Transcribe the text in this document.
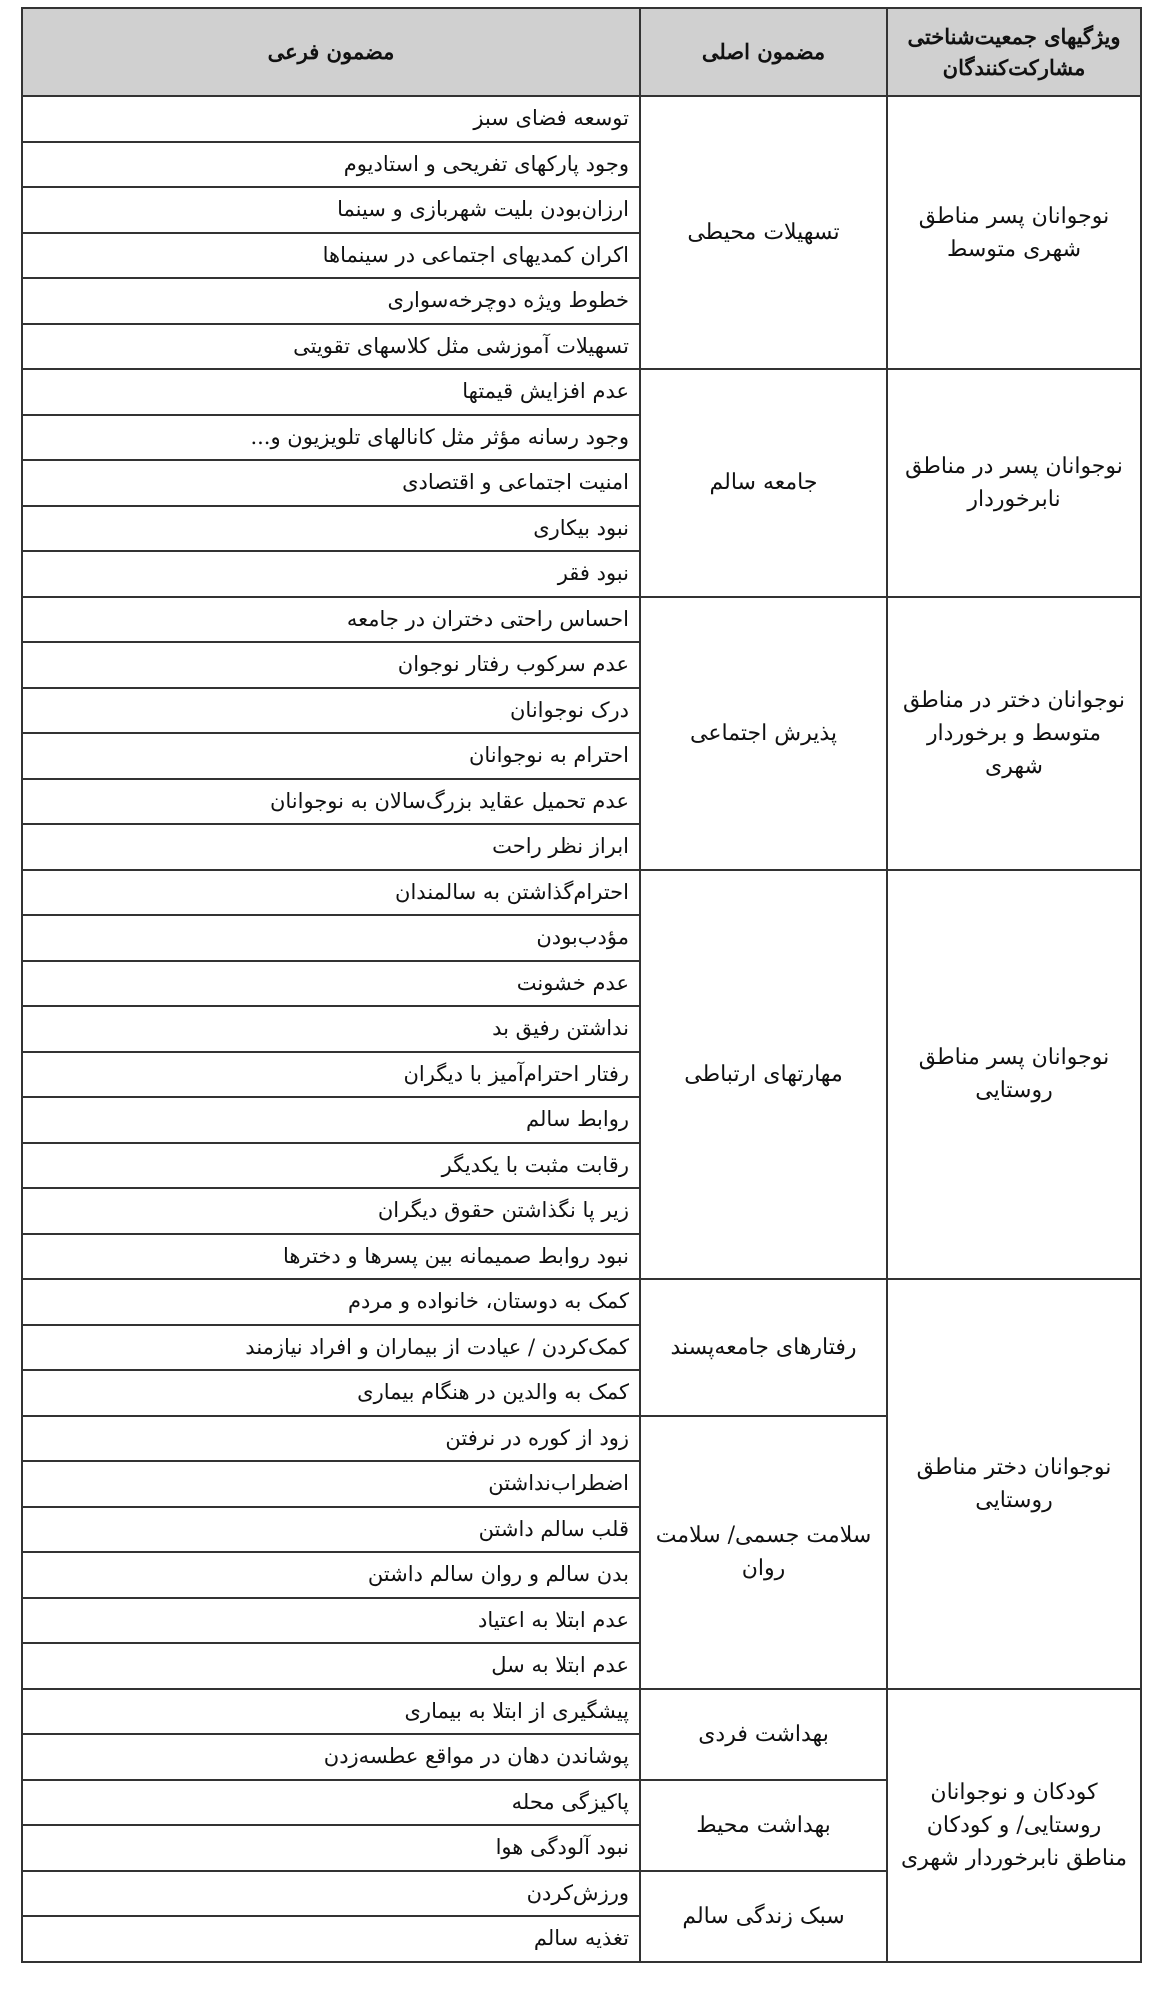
ویژگیهای جمعیت‌شناختی مشارکت‌کنندگان	مضمون اصلی	مضمون فرعی
نوجوانان پسر مناطق شهری متوسط	تسهیلات محیطی	توسعه فضای سبز
		وجود پارکهای تفریحی و استادیوم
		ارزان‌بودن بلیت شهربازی و سینما
		اکران کمدیهای اجتماعی در سینماها
		خطوط ویژه دوچرخه‌سواری
		تسهیلات آموزشی مثل کلاسهای تقویتی
نوجوانان پسر در مناطق نابرخوردار	جامعه سالم	عدم افزایش قیمتها
		وجود رسانه مؤثر مثل کانالهای تلویزیون و...
		امنیت اجتماعی و اقتصادی
		نبود بیکاری
		نبود فقر
نوجوانان دختر در مناطق متوسط و برخوردار شهری	پذیرش اجتماعی	احساس راحتی دختران در جامعه
		عدم سرکوب رفتار نوجوان
		درک نوجوانان
		احترام به نوجوانان
		عدم تحمیل عقاید بزرگ‌سالان به نوجوانان
		ابراز نظر راحت
نوجوانان پسر مناطق روستایی	مهارتهای ارتباطی	احترام‌گذاشتن به سالمندان
		مؤدب‌بودن
		عدم خشونت
		نداشتن رفیق بد
		رفتار احترام‌آمیز با دیگران
		روابط سالم
		رقابت مثبت با یکدیگر
		زیر پا نگذاشتن حقوق دیگران
		نبود روابط صمیمانه بین پسرها و دخترها
نوجوانان دختر مناطق روستایی	رفتارهای جامعه‌پسند	کمک به دوستان، خانواده و مردم
		کمک‌کردن / عیادت از بیماران و افراد نیازمند
		کمک به والدین در هنگام بیماری
	سلامت جسمی/ سلامت روان	زود از کوره در نرفتن
		اضطراب‌نداشتن
		قلب سالم داشتن
		بدن سالم و روان سالم داشتن
		عدم ابتلا به اعتیاد
		عدم ابتلا به سل
کودکان و نوجوانان روستایی/ و کودکان مناطق نابرخوردار شهری	بهداشت فردی	پیشگیری از ابتلا به بیماری
		پوشاندن دهان در مواقع عطسه‌زدن
	بهداشت محیط	پاکیزگی محله
		نبود آلودگی هوا
	سبک زندگی سالم	ورزش‌کردن
		تغذیه سالم
